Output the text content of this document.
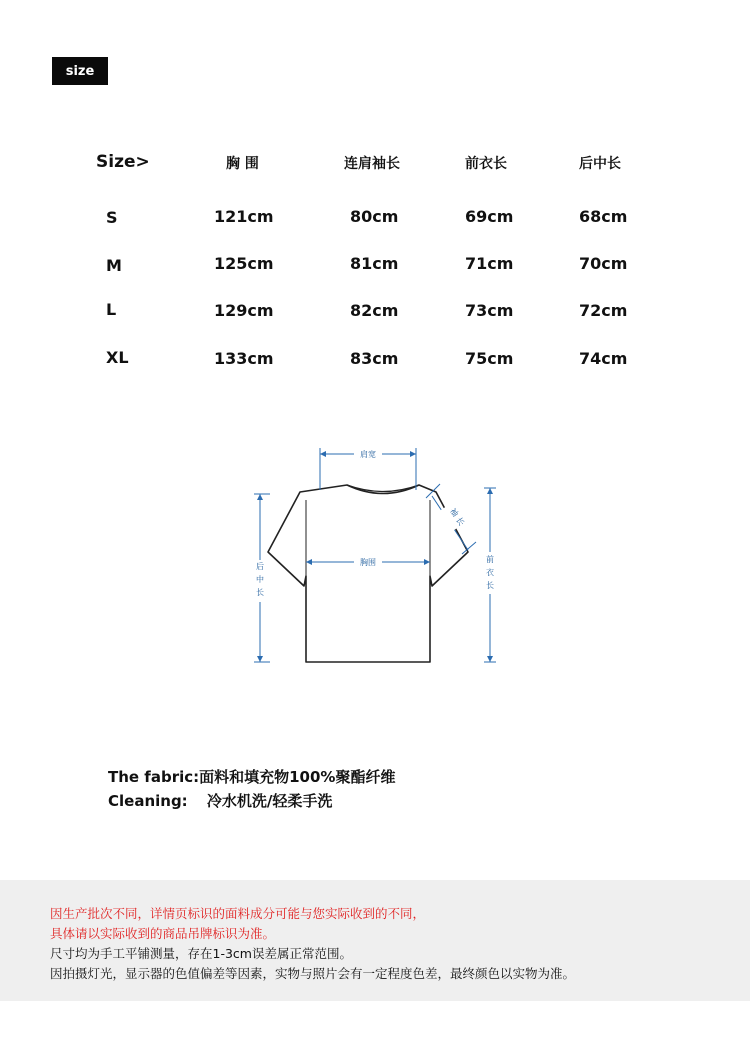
size
Size>	胸 围	连肩袖长	前衣长	后中长
S	121cm	80cm	69cm	68cm
M	125cm	81cm	71cm	70cm
L	129cm	82cm	73cm	72cm
XL	133cm	83cm	75cm	74cm
肩宽
胸围
后
中
长
前
衣
长
袖
长
The fabric:面料和填充物100%聚酯纤维
Cleaning: 冷水机洗/轻柔手洗
因生产批次不同，详情页标识的面料成分可能与您实际收到的不同，
具体请以实际收到的商品吊牌标识为准。
尺寸均为手工平铺测量，存在1-3cm误差属正常范围。
因拍摄灯光，显示器的色值偏差等因素，实物与照片会有一定程度色差，最终颜色以实物为准。
